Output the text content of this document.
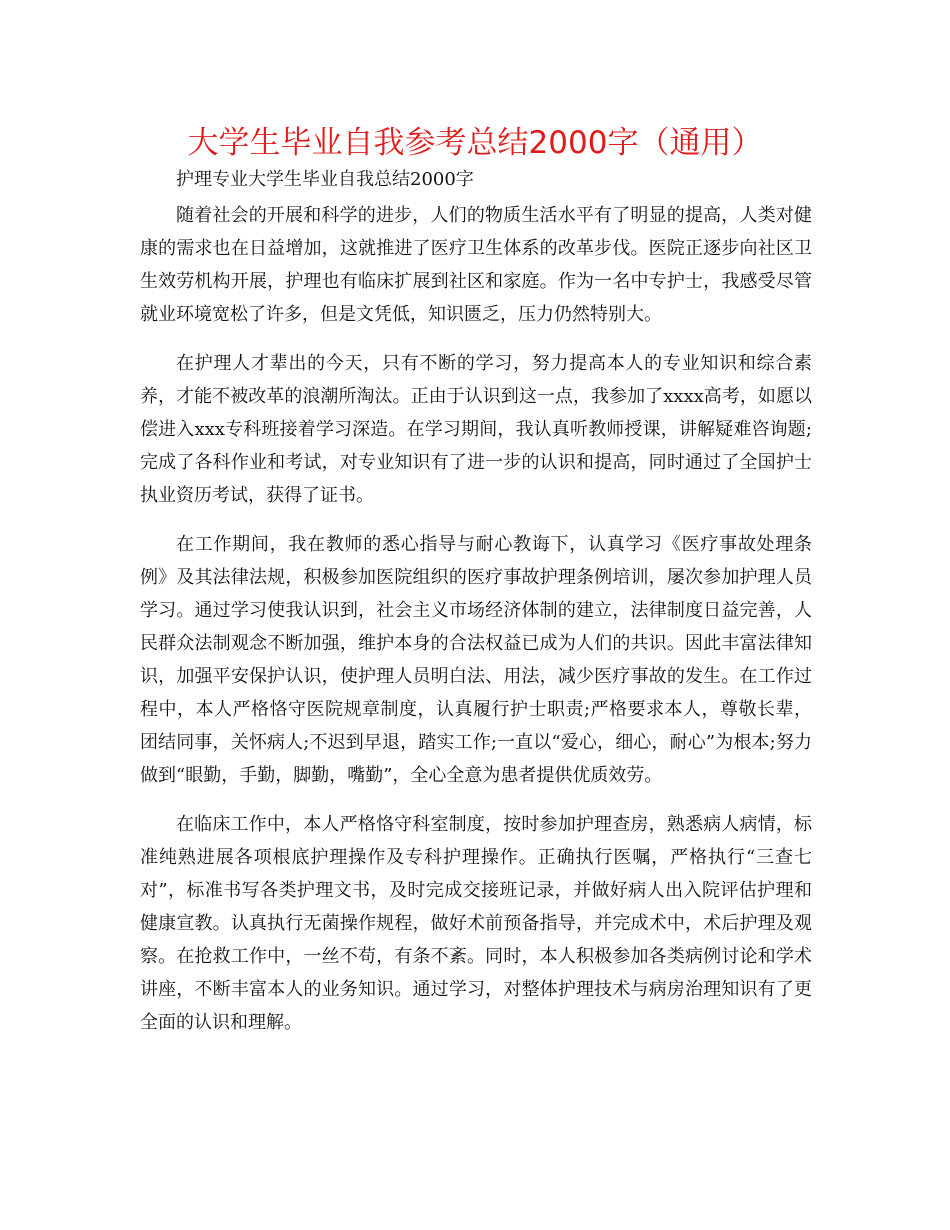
大学生毕业自我参考总结2000字（通用）
护理专业大学生毕业自我总结2000字

随着社会的开展和科学的进步，人们的物质生活水平有了明显的提高，人类对健康的需求也在日益增加，这就推进了医疗卫生体系的改革步伐。医院正逐步向社区卫生效劳机构开展，护理也有临床扩展到社区和家庭。作为一名中专护士，我感受尽管就业环境宽松了许多，但是文凭低，知识匮乏，压力仍然特别大。

在护理人才辈出的今天，只有不断的学习，努力提高本人的专业知识和综合素养，才能不被改革的浪潮所淘汰。正由于认识到这一点，我参加了xxxx高考，如愿以偿进入xxx专科班接着学习深造。在学习期间，我认真听教师授课，讲解疑难咨询题;完成了各科作业和考试，对专业知识有了进一步的认识和提高，同时通过了全国护士执业资历考试，获得了证书。

在工作期间，我在教师的悉心指导与耐心教诲下，认真学习《医疗事故处理条例》及其法律法规，积极参加医院组织的医疗事故护理条例培训，屡次参加护理人员学习。通过学习使我认识到，社会主义市场经济体制的建立，法律制度日益完善，人民群众法制观念不断加强，维护本身的合法权益已成为人们的共识。因此丰富法律知识，加强平安保护认识，使护理人员明白法、用法，减少医疗事故的发生。在工作过程中，本人严格恪守医院规章制度，认真履行护士职责;严格要求本人，尊敬长辈，团结同事，关怀病人;不迟到早退，踏实工作;一直以“爱心，细心，耐心”为根本;努力做到“眼勤，手勤，脚勤，嘴勤”，全心全意为患者提供优质效劳。

在临床工作中，本人严格恪守科室制度，按时参加护理查房，熟悉病人病情，标准纯熟进展各项根底护理操作及专科护理操作。正确执行医嘱，严格执行“三查七对”，标准书写各类护理文书，及时完成交接班记录，并做好病人出入院评估护理和健康宣教。认真执行无菌操作规程，做好术前预备指导，并完成术中，术后护理及观察。在抢救工作中，一丝不苟，有条不紊。同时，本人积极参加各类病例讨论和学术讲座，不断丰富本人的业务知识。通过学习，对整体护理技术与病房治理知识有了更全面的认识和理解。
